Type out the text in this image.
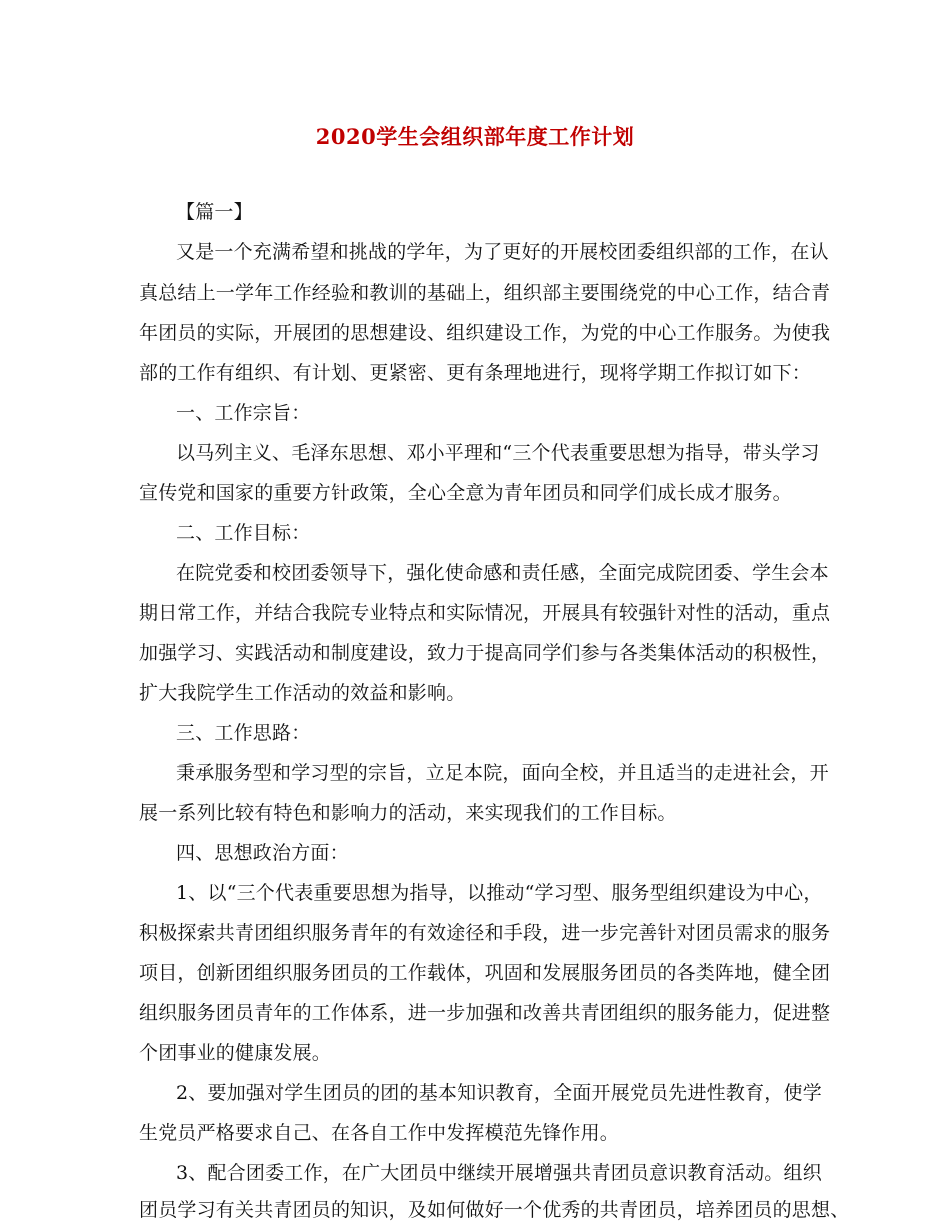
2020学生会组织部年度工作计划
【篇一】
又是一个充满希望和挑战的学年，为了更好的开展校团委组织部的工作，在认
真总结上一学年工作经验和教训的基础上，组织部主要围绕党的中心工作，结合青
年团员的实际，开展团的思想建设、组织建设工作，为党的中心工作服务。为使我
部的工作有组织、有计划、更紧密、更有条理地进行，现将学期工作拟订如下：
一、工作宗旨：
以马列主义、毛泽东思想、邓小平理和“三个代表重要思想为指导，带头学习
宣传党和国家的重要方针政策，全心全意为青年团员和同学们成长成才服务。
二、工作目标：
在院党委和校团委领导下，强化使命感和责任感，全面完成院团委、学生会本
期日常工作，并结合我院专业特点和实际情况，开展具有较强针对性的活动，重点
加强学习、实践活动和制度建设，致力于提高同学们参与各类集体活动的积极性，
扩大我院学生工作活动的效益和影响。
三、工作思路：
秉承服务型和学习型的宗旨，立足本院，面向全校，并且适当的走进社会，开
展一系列比较有特色和影响力的活动，来实现我们的工作目标。
四、思想政治方面：
1、以“三个代表重要思想为指导，以推动“学习型、服务型组织建设为中心，
积极探索共青团组织服务青年的有效途径和手段，进一步完善针对团员需求的服务
项目，创新团组织服务团员的工作载体，巩固和发展服务团员的各类阵地，健全团
组织服务团员青年的工作体系，进一步加强和改善共青团组织的服务能力，促进整
个团事业的健康发展。
2、要加强对学生团员的团的基本知识教育，全面开展党员先进性教育，使学
生党员严格要求自己、在各自工作中发挥模范先锋作用。
3、配合团委工作，在广大团员中继续开展增强共青团员意识教育活动。组织
团员学习有关共青团员的知识，及如何做好一个优秀的共青团员，培养团员的思想、
